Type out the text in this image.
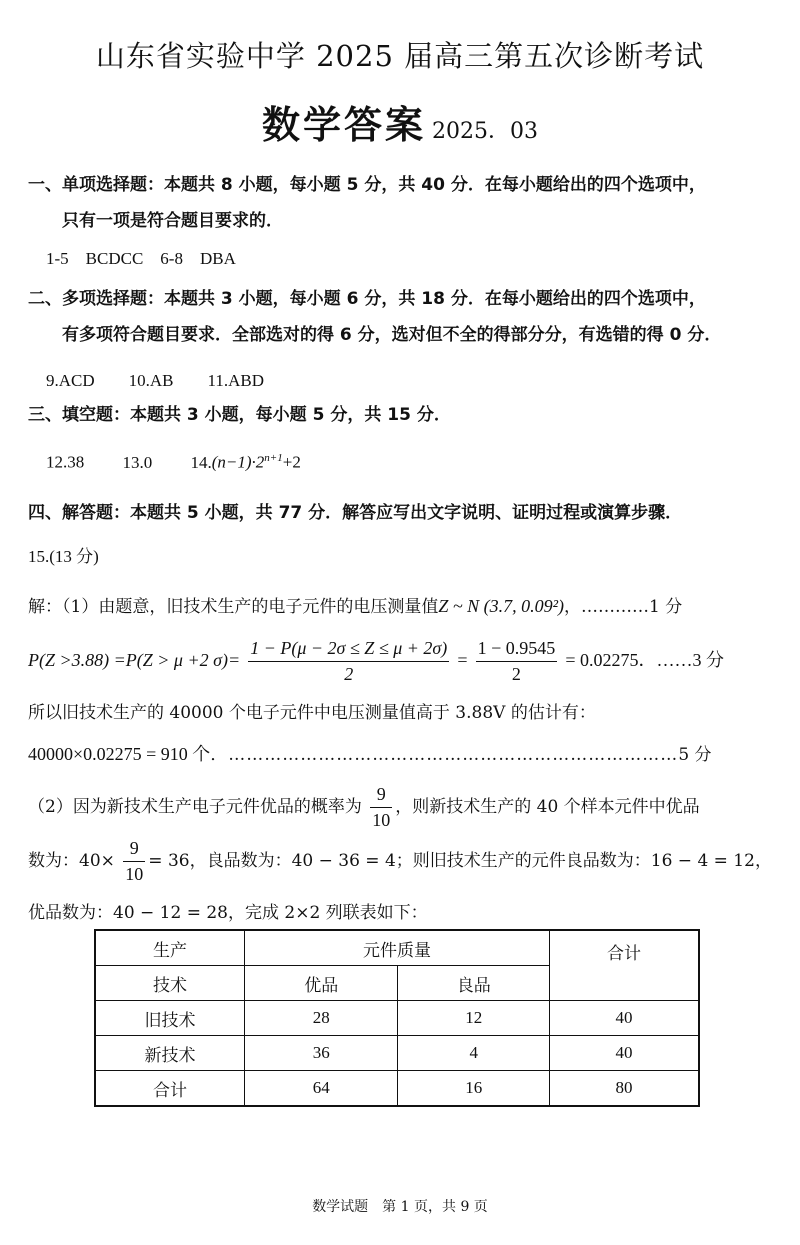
山东省实验中学 2025 届高三第五次诊断考试
数学答案 2025．03
一、单项选择题：本题共 8 小题，每小题 5 分，共 40 分．在每小题给出的四个选项中，
只有一项是符合题目要求的．
1-5　BCDCC　6-8　DBA
二、多项选择题：本题共 3 小题，每小题 6 分，共 18 分．在每小题给出的四个选项中，
有多项符合题目要求．全部选对的得 6 分，选对但不全的得部分分，有选错的得 0 分．
9.ACD　　10.AB　　11.ABD
三、填空题：本题共 3 小题，每小题 5 分，共 15 分．
12.38 13.0 $14.(n-1)\cdot 2^{n+1}+2$
四、解答题：本题共 5 小题，共 77 分．解答应写出文字说明、证明过程或演算步骤．
15.(13 分)
解：（1）由题意，旧技术生产的电子元件的电压测量值Z ~ N (3.7, 0.09²)，…………1 分
P(Z >3.88) =P(Z > μ +2 $\sigma)= \frac{1 - P(\mu - 2\sigma \le Z \le \mu + 2\sigma)}{2} = \frac{1 - 0.9545}{2} = 0.02275$．……3 分
所以旧技术生产的 40000 个电子元件中电压测量值高于 3.88V 的估计有：
40000×0.02275 = 910 个．…………………………………………………………………5 分
（2）因为新技术生产电子元件优品的概率为 $\frac{9}{10}$ ，则新技术生产的 40 个样本元件中优品
数为：$40\times \frac{9}{10} = 36$，良品数为：40 − 36 = 4；则旧技术生产的元件良品数为：16 − 4 = 12，
优品数为：40 − 12 = 28，完成 2×2 列联表如下：
生产	元件质量		合计
技术	优品	良品	
旧技术	28	12	40
新技术	36	4	40
合计	64	16	80
数学试题　第 1 页，共 9 页
